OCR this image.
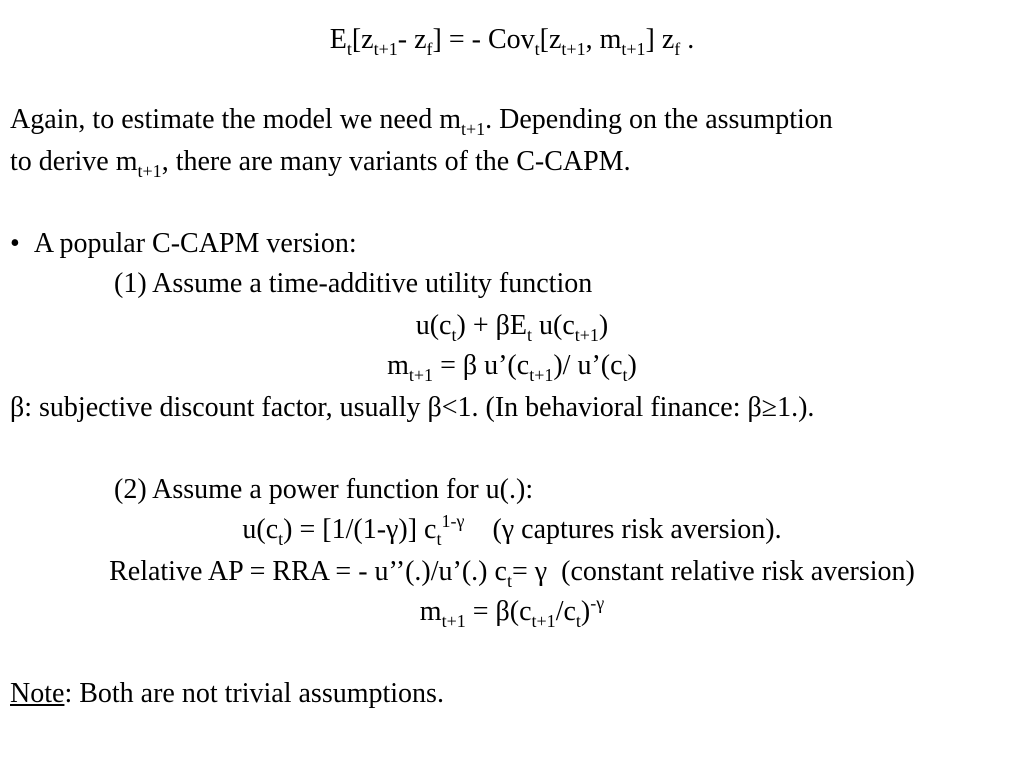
$E_t[z_{t+1}-$ $z_f$] = - $Cov_t[z_{t+1}$, $m_{t+1}$] $z_f$ .
Again, to estimate the model we need $m_{t+1}$. Depending on the assumption
to derive $m_{t+1}$, there are many variants of the C-CAPM.
• A popular C-CAPM version:
(1) Assume a time-additive utility function
$u(c_t) + \beta E_t$ $u(c_{t+1})$
$m_{t+1} = \beta$ $u’(c_{t+1})/$ $u’(c_t)$
β: subjective discount factor, usually β<1. (In behavioral finance: β≥1.).
(2) Assume a power function for u(.):
$u(c_t) = [1/(1-\gamma)]$ $c_t^{1-\gamma}$    (γ captures risk aversion).
Relative AP = RRA = - u’’(.)/u’(.) $c_t= \gamma$  (constant relative risk aversion)
$m_{t+1} = \beta(c_{t+1}/c_t)^{-\gamma}$
Note: Both are not trivial assumptions.
